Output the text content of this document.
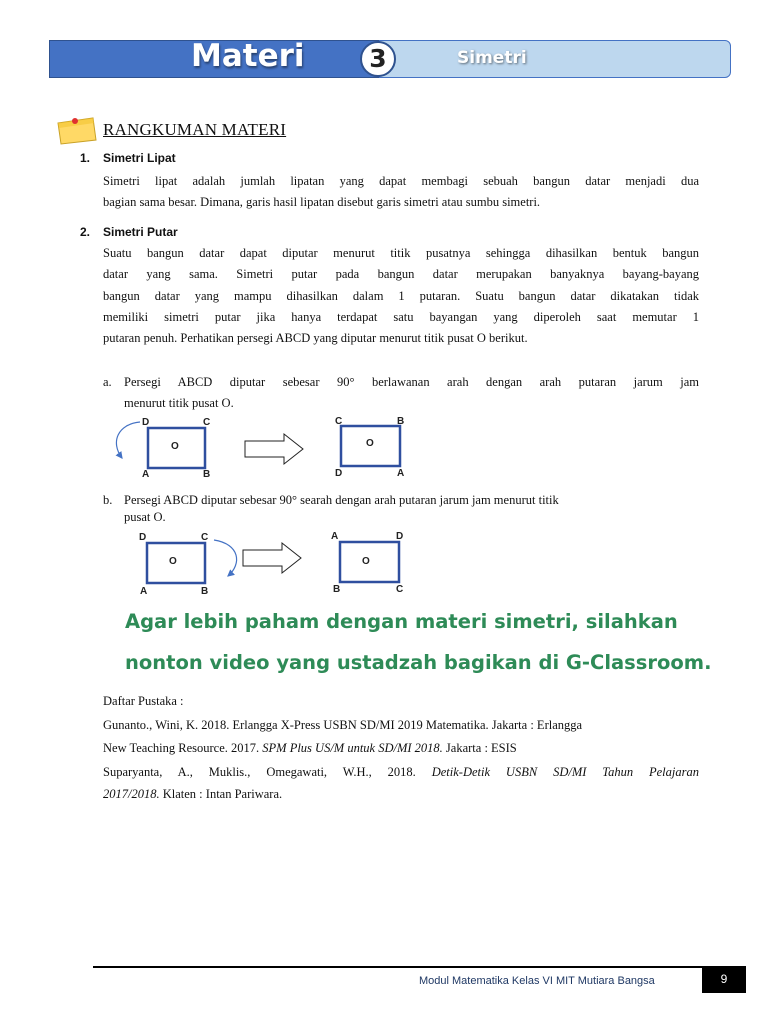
Materi	3	Simetri
RANGKUMAN MATERI
1. Simetri Lipat
Simetri lipat adalah jumlah lipatan yang dapat membagi sebuah bangun datar menjadi dua
bagian sama besar. Dimana, garis hasil lipatan disebut garis simetri atau sumbu simetri.
2. Simetri Putar
Suatu bangun datar dapat diputar menurut titik pusatnya sehingga dihasilkan bentuk bangun
datar yang sama. Simetri putar pada bangun datar merupakan banyaknya bayang-bayang
bangun datar yang mampu dihasilkan dalam 1 putaran. Suatu bangun datar dikatakan tidak
memiliki simetri putar jika hanya terdapat satu bayangan yang diperoleh saat memutar 1
putaran penuh. Perhatikan persegi ABCD yang diputar menurut titik pusat O berikut.
a. Persegi ABCD diputar sebesar 90° berlawanan arah dengan arah putaran jarum jam
menurut titik pusat O.
D	C
A	B
O
C	B
D	A
O
b. Persegi ABCD diputar sebesar 90° searah dengan arah putaran jarum jam menurut titik
pusat O.
D	C
A	B
O
A	D
B	C
O
Agar lebih paham dengan materi simetri, silahkan
nonton video yang ustadzah bagikan di G-Classroom.
Daftar Pustaka :
Gunanto., Wini, K. 2018. Erlangga X-Press USBN SD/MI 2019 Matematika. Jakarta : Erlangga
New Teaching Resource. 2017. SPM Plus US/M untuk SD/MI 2018. Jakarta : ESIS
Suparyanta, A., Muklis., Omegawati, W.H., 2018. Detik-Detik USBN SD/MI Tahun Pelajaran
2017/2018. Klaten : Intan Pariwara.
Modul Matematika Kelas VI MIT Mutiara Bangsa	9
